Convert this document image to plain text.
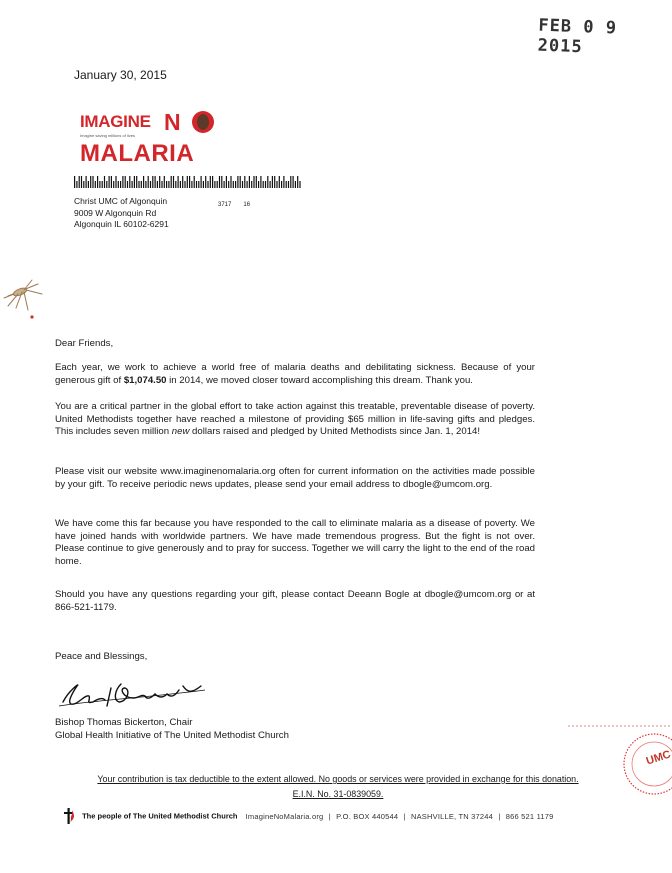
FEB 0 9 2015
January 30, 2015
IMAGINE N
Imagine saving millions of lives
MALARIA
Christ UMC of Algonquin
9009 W Algonquin Rd
Algonquin IL 60102-6291
3717 16
Dear Friends,

Each year, we work to achieve a world free of malaria deaths and debilitating sickness. Because of your generous gift of $1,074.50 in 2014, we moved closer toward accomplishing this dream. Thank you.

You are a critical partner in the global effort to take action against this treatable, preventable disease of poverty. United Methodists together have reached a milestone of providing $65 million in life-saving gifts and pledges. This includes seven million new dollars raised and pledged by United Methodists since Jan. 1, 2014!

Please visit our website www.imaginenomalaria.org often for current information on the activities made possible by your gift. To receive periodic news updates, please send your email address to dbogle@umcom.org.
We have come this far because you have responded to the call to eliminate malaria as a disease of poverty. We have joined hands with worldwide partners. We have made tremendous progress. But the fight is not over. Please continue to give generously and to pray for success. Together we will carry the light to the end of the road home.
Should you have any questions regarding your gift, please contact Deeann Bogle at dbogle@umcom.org or at 866-521-1179.
Peace and Blessings,
Bishop Thomas Bickerton, Chair
Global Health Initiative of The United Methodist Church
UMC
Your contribution is tax deductible to the extent allowed. No goods or services were provided in exchange for this donation.
E.I.N. No. 31-0839059.
The people of The United Methodist Church ImagineNoMalaria.org | P.O. BOX 440544 | NASHVILLE, TN 37244 | 866 521 1179
